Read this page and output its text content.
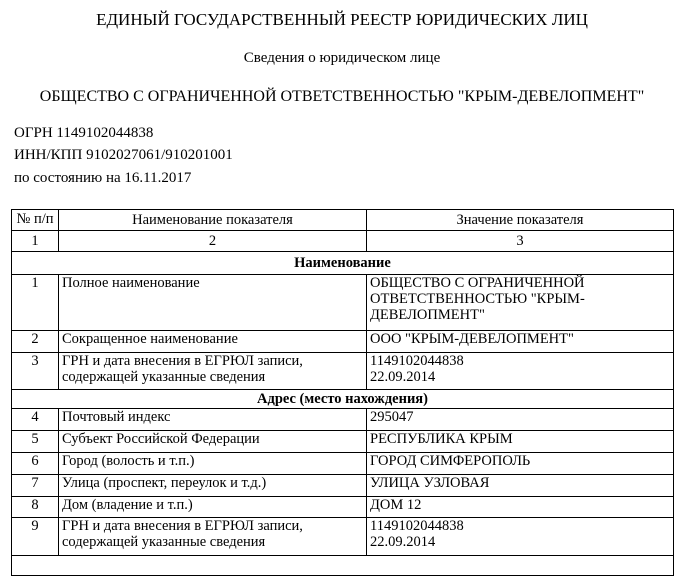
ЕДИНЫЙ ГОСУДАРСТВЕННЫЙ РЕЕСТР ЮРИДИЧЕСКИХ ЛИЦ
Сведения о юридическом лице
ОБЩЕСТВО С ОГРАНИЧЕННОЙ ОТВЕТСТВЕННОСТЬЮ "КРЫМ-ДЕВЕЛОПМЕНТ"
ОГРН 1149102044838
ИНН/КПП 9102027061/910201001
по состоянию на 16.11.2017
№ п/п	Наименование показателя	Значение показателя
1	2	3
Наименование		
1	Полное наименование	ОБЩЕСТВО С ОГРАНИЧЕННОЙ ОТВЕТСТВЕННОСТЬЮ "КРЫМ-ДЕВЕЛОПМЕНТ"
2	Сокращенное наименование	ООО "КРЫМ-ДЕВЕЛОПМЕНТ"
3	ГРН и дата внесения в ЕГРЮЛ записи, содержащей указанные сведения	1149102044838
22.09.2014

Адрес (место нахождения)		
4	Почтовый индекс	295047
5	Субъект Российской Федерации	РЕСПУБЛИКА КРЫМ
6	Город (волость и т.п.)	ГОРОД СИМФЕРОПОЛЬ
7	Улица (проспект, переулок и т.д.)	УЛИЦА УЗЛОВАЯ
8	Дом (владение и т.п.)	ДОМ 12
9	ГРН и дата внесения в ЕГРЮЛ записи, содержащей указанные сведения	1149102044838
22.09.2014
